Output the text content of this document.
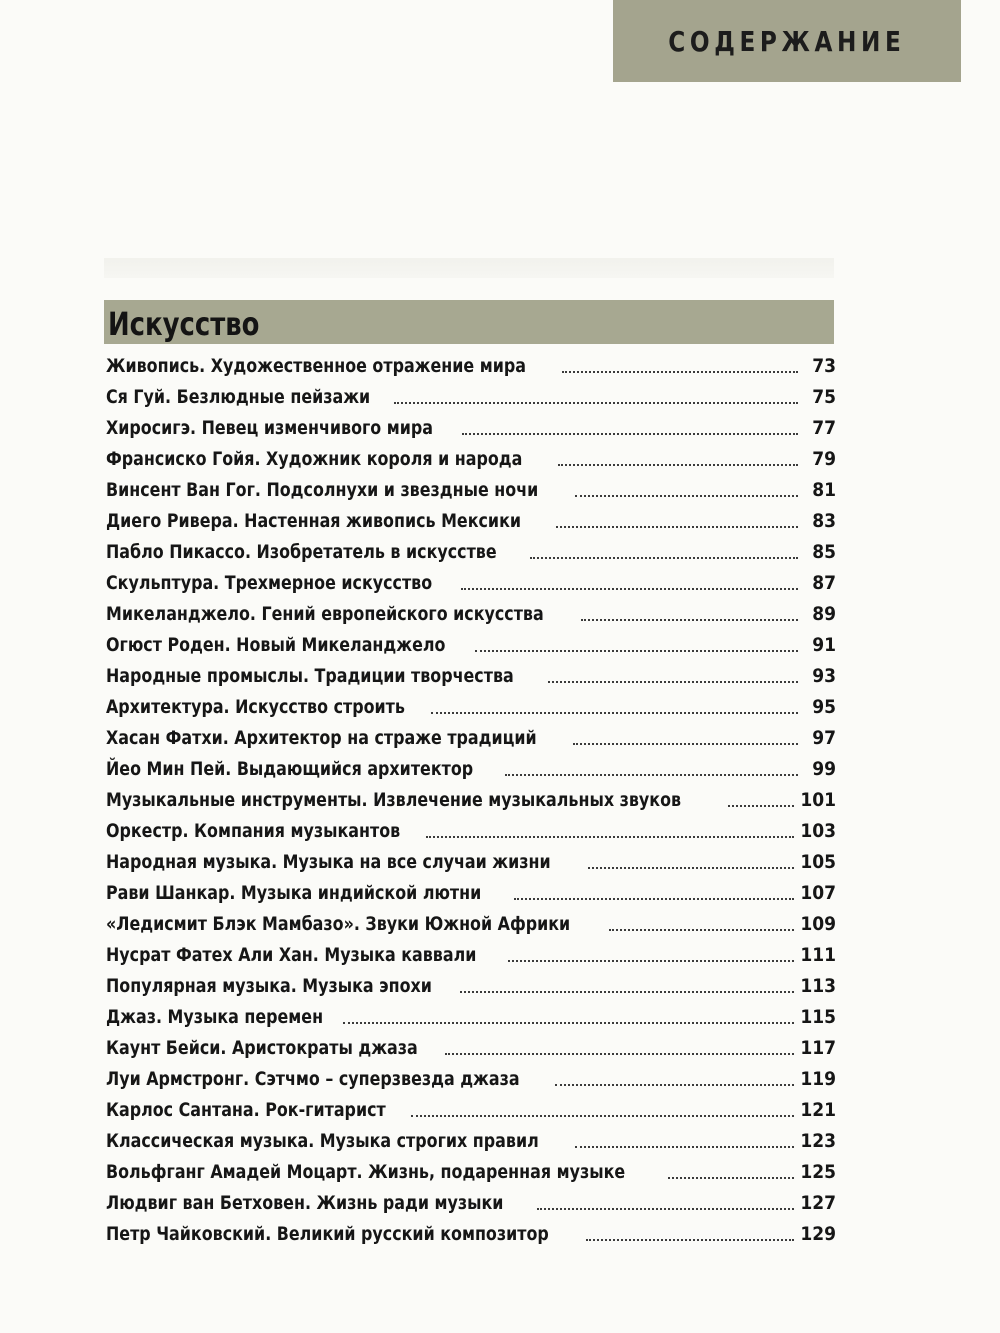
СОДЕРЖАНИЕ
Искусство
Живопись. Художественное отражение мира	73
Ся Гуй. Безлюдные пейзажи	75
Хиросигэ. Певец изменчивого мира	77
Франсиско Гойя. Художник короля и народа	79
Винсент Ван Гог. Подсолнухи и звездные ночи	81
Диего Ривера. Настенная живопись Мексики	83
Пабло Пикассо. Изобретатель в искусстве	85
Скульптура. Трехмерное искусство	87
Микеланджело. Гений европейского искусства	89
Огюст Роден. Новый Микеланджело	91
Народные промыслы. Традиции творчества	93
Архитектура. Искусство строить	95
Хасан Фатхи. Архитектор на страже традиций	97
Йео Мин Пей. Выдающийся архитектор	99
Музыкальные инструменты. Извлечение музыкальных звуков	101
Оркестр. Компания музыкантов	103
Народная музыка. Музыка на все случаи жизни	105
Рави Шанкар. Музыка индийской лютни	107
«Ледисмит Блэк Мамбазо». Звуки Южной Африки	109
Нусрат Фатех Али Хан. Музыка каввали	111
Популярная музыка. Музыка эпохи	113
Джаз. Музыка перемен	115
Каунт Бейси. Аристократы джаза	117
Луи Армстронг. Сэтчмо – суперзвезда джаза	119
Карлос Сантана. Рок-гитарист	121
Классическая музыка. Музыка строгих правил	123
Вольфганг Амадей Моцарт. Жизнь, подаренная музыке	125
Людвиг ван Бетховен. Жизнь ради музыки	127
Петр Чайковский. Великий русский композитор	129
